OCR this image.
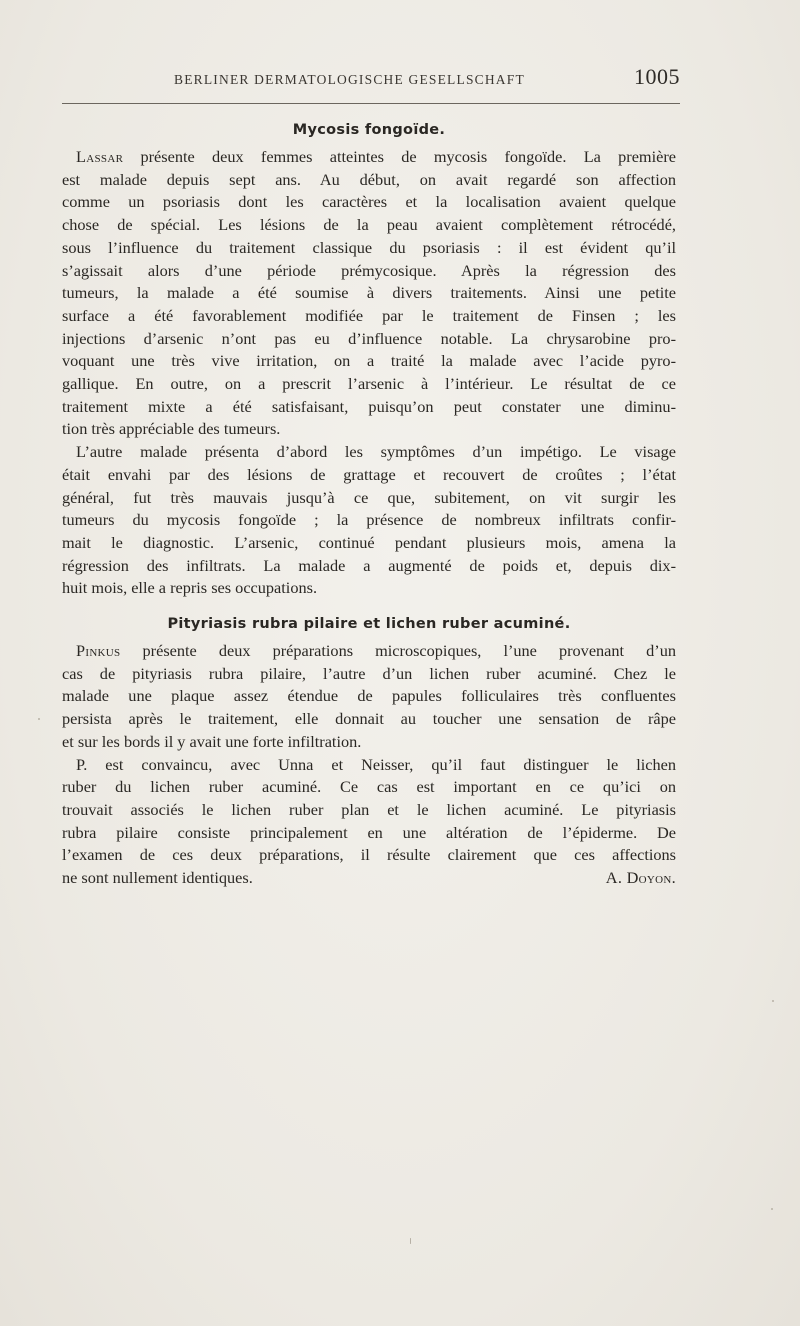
BERLINER DERMATOLOGISCHE GESELLSCHAFT	1005
Mycosis fongoïde.

Lassar présente deux femmes atteintes de mycosis fongoïde. La première
est malade depuis sept ans. Au début, on avait regardé son affection
comme un psoriasis dont les caractères et la localisation avaient quelque
chose de spécial. Les lésions de la peau avaient complètement rétrocédé,
sous l’influence du traitement classique du psoriasis : il est évident qu’il
s’agissait alors d’une période prémycosique. Après la régression des
tumeurs, la malade a été soumise à divers traitements. Ainsi une petite
surface a été favorablement modifiée par le traitement de Finsen ; les
injections d’arsenic n’ont pas eu d’influence notable. La chrysarobine pro-
voquant une très vive irritation, on a traité la malade avec l’acide pyro-
gallique. En outre, on a prescrit l’arsenic à l’intérieur. Le résultat de ce
traitement mixte a été satisfaisant, puisqu’on peut constater une diminu-
tion très appréciable des tumeurs.

L’autre malade présenta d’abord les symptômes d’un impétigo. Le visage
était envahi par des lésions de grattage et recouvert de croûtes ; l’état
général, fut très mauvais jusqu’à ce que, subitement, on vit surgir les
tumeurs du mycosis fongoïde ; la présence de nombreux infiltrats confir-
mait le diagnostic. L’arsenic, continué pendant plusieurs mois, amena la
régression des infiltrats. La malade a augmenté de poids et, depuis dix-
huit mois, elle a repris ses occupations.

Pityriasis rubra pilaire et lichen ruber acuminé.

Pinkus présente deux préparations microscopiques, l’une provenant d’un
cas de pityriasis rubra pilaire, l’autre d’un lichen ruber acuminé. Chez le
malade une plaque assez étendue de papules folliculaires très confluentes
persista après le traitement, elle donnait au toucher une sensation de râpe
et sur les bords il y avait une forte infiltration.

P. est convaincu, avec Unna et Neisser, qu’il faut distinguer le lichen
ruber du lichen ruber acuminé. Ce cas est important en ce qu’ici on
trouvait associés le lichen ruber plan et le lichen acuminé. Le pityriasis
rubra pilaire consiste principalement en une altération de l’épiderme. De
l’examen de ces deux préparations, il résulte clairement que ces affections
ne sont nullement identiques.	A. Doyon.
